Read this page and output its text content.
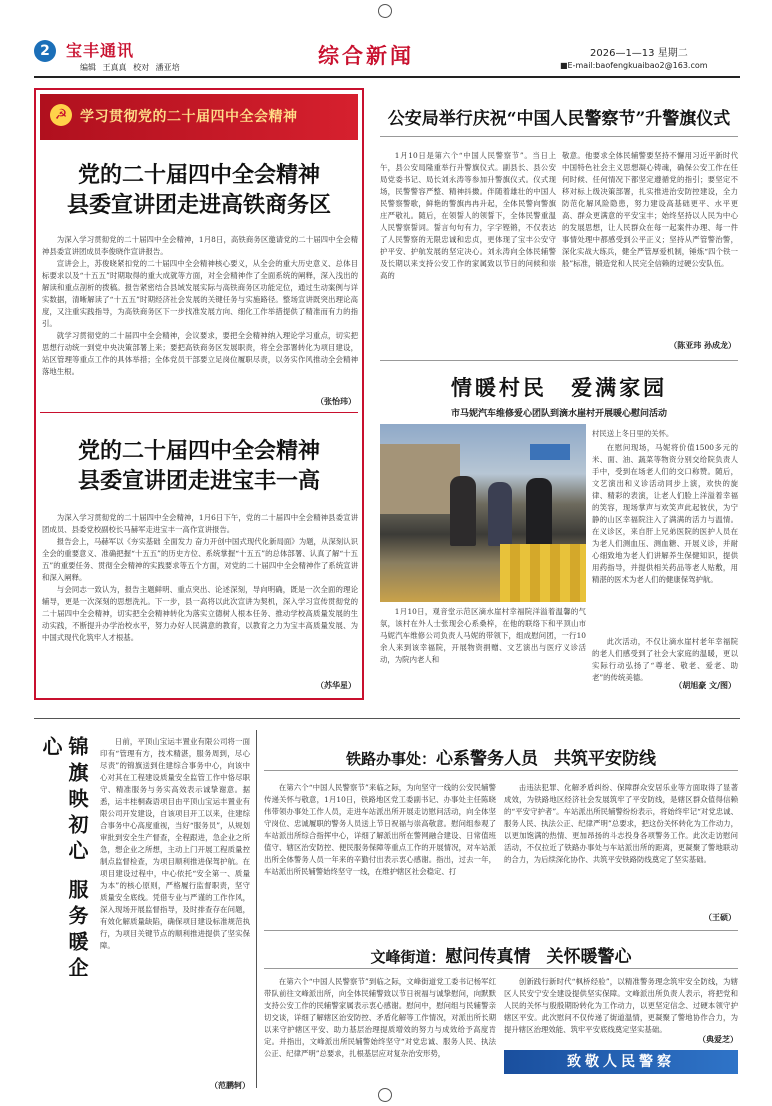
2	宝丰通讯
编辑 王真真 校对 潘亚培	综合新闻	2026—1—13 星期二
■E-mail:baofengkuaibao2@163.com
☭ 学习贯彻党的二十届四中全会精神
党的二十届四中全会精神
县委宣讲团走进高铁商务区

为深入学习贯彻党的二十届四中全会精神，1月8日，高铁商务区邀请党的二十届四中全会精神县委宣讲团成员李俊晓作宣讲报告。

宣讲会上，苏俊晓紧扣党的二十届四中全会精神核心要义，从全会的重大历史意义、总体目标要求以及“十五五”时期取得的重大成就等方面，对全会精神作了全面系统的阐释，深入浅出的解读和重点剖析的拨稿。报告紧密结合县域发展实际与高铁商务区功能定位，通过生动案例与详实数据，清晰解读了“十五五”时期经济社会发展的关键任务与实施路径。整场宣讲既突出理论高度，又注重实践指导，为高铁商务区下一步找准发展方向、细化工作举措提供了精准而有力的指引。

就学习贯彻党的二十届四中全会精神，会议要求，要把全会精神纳入理论学习重点，切实把思想行动统一到党中央决策部署上来；要把高铁商务区发展职责，将全会部署转化为项目建设，站区管理等重点工作的具体举措；全体党员干部要立足岗位履职尽责，以务实作风推动全会精神落地生根。

（张怡玮）
党的二十届四中全会精神
县委宣讲团走进宝丰一高

为深入学习贯彻党的二十届四中全会精神，1月6日下午，党的二十届四中全会精神县委宣讲团成员、县委党校副校长马赫军走进宝丰一高作宣讲报告。

报告会上，马赫军以《夯实基础 全面发力 奋力开创中国式现代化新局面》为题，从深刻认识全会的重要意义、准确把握“十五五”的历史方位、系统掌握“十五五”的总体部署、认真了解“十五五”的重要任务、贯彻全会精神的实践要求等五个方面，对党的二十届四中全会精神作了系统宣讲和深入阐释。

与会同志一致认为，报告主题鲜明、重点突出、论述深刻，导向明确，既是一次全面的理论辅导，更是一次深刻的思想洗礼。下一步，县一高将以此次宣讲为契机，深入学习宣传贯彻党的二十届四中全会精神，切实把全会精神转化为落实立德树人根本任务、推动学校高质量发展的生动实践，不断提升办学治校水平，努力办好人民满意的教育，以教育之力为宝丰高质量发展、为中国式现代化筑牢人才根基。

（苏华星）
公安局举行庆祝“中国人民警察节”升警旗仪式
1月10日是第六个“中国人民警察节”。当日上午，县公安局隆重举行升警旗仪式。副县长、县公安局党委书记、局长刘永涛等参加升警旗仪式。仪式现场，民警警容严整、精神抖擞。伴随着雄壮的中国人民警察警歌，鲜艳的警旗冉冉升起，全体民警向警旗庄严敬礼。随后，在领誓人的领誓下，全体民警重温人民警察誓词。誓言句句有力，字字铿锵，不仅表达了人民警察的无限忠诚和忠贞，更体现了宝丰公安守护平安、护航发展的坚定决心。刘永涛向全体民辅警及长期以来支持公安工作的家属致以节日的问候和崇高的
敬意。他要求全体民辅警要坚持不懈用习近平新时代中国特色社会主义思想凝心铸魂，确保公安工作在任何时候、任何情况下都坚定遵循党的指引；要坚定不移对标上级决策部署，扎实推进治安防控建设，全力防范化解风险隐患，努力建设高基础更平、水平更高、群众更满意的平安宝丰；始终坚持以人民为中心的发展思想，让人民群众在每一起案件办理、每一件事情处理中都感受到公平正义；坚持从严管警治警，深化实战大练兵，健全严管厚爱机制，锤炼“四个铁一般”标准，锻造党和人民完全信赖的过硬公安队伍。
（陈亚玮 孙成龙）
情暖村民 爱满家园
市马妮汽车维修爱心团队到滴水崖村开展暖心慰问活动
村民送上冬日里的关怀。
在慰问现场，马妮将价值1500多元的米、面、油、蔬菜等物资分别交给院负责人手中，受到在场老人们的交口称赞。随后，文艺演出和义诊活动同步上演，欢快的旋律、精彩的表演，让老人们脸上洋溢着幸福的笑容，现场掌声与欢笑声此起彼伏，为宁静的山区幸福院注入了满满的活力与温情。在义诊区，来自肝上兄弟医院的医护人员在为老人们测血压、测血糖、开展义诊，并耐心细致地为老人们讲解养生保健知识，提供用药指导，并提供相关药品等老人贴敷，用精湛的医术为老人们的健康保驾护航。
1月10日，观音堂示范区滴水崖村幸福院洋溢着温馨的气氛，该村在外人士张现会心系桑梓，在他的联络下和平顶山市马妮汽车维修公司负责人马妮的带领下，组成慰问团，一行10余人来到该幸福院，开展物资捐赠、文艺演出与医疗义诊活动，为院内老人和
此次活动，不仅让滴水崖村老年幸福院的老人们感受到了社会大家庭的温暖，更以实际行动弘扬了“尊老、敬老、爱老、助老”的传统美德。
（胡旭豪 文/图）
锦旗映初心 服务暖企心	日前，平顶山宝运丰置业有限公司将一面印有“管理有方，技术精湛，服务周到，尽心尽责”的锦旗送到住建综合事务中心，向该中心对其在工程建设质量安全监管工作中恪尽职守、精准服务与务实高效表示诚挚谢意。据悉，运丰桂桐森语项目由平顶山宝运丰置业有限公司开发建设，自该项目开工以来，住建综合事务中心高度重视，当好“服务员”，从规划审批到安全生产督查，全程跟进，急企业之所急，想企业之所想，主动上门开展工程质量控制点监督检查，为项目顺利推进保驾护航。在项目建设过程中，中心依托“安全第一、质量为本”的核心原则，严格履行监督职责，坚守质量安全底线。凭借专业与严谨的工作作风，深入现场开展监督指导，及时排查存在问题，有效化解质量缺陷，确保项目建设标准规范执行，为项目关键节点的顺利推进提供了坚实保障。
（范鹏轲）
铁路办事处：心系警务人员 共筑平安防线
在第六个“中国人民警察节”来临之际，为向坚守一线的公安民辅警传递关怀与敬意，1月10日，铁路地区党工委副书记、办事处主任陈晓伟带领办事处工作人员，走进车站派出所开展走访慰问活动，向全体坚守岗位、忠诚履职的警务人员送上节日祝福与崇高敬意。慰问组参观了车站派出所综合指挥中心，详细了解派出所在警网融合建设、日常值班值守、辖区治安防控、便民服务保障等重点工作的开展情况，对车站派出所全体警务人员一年来的辛勤付出表示衷心感谢。指出，过去一年，车站派出所民辅警始终坚守一线，在维护辖区社会稳定、打
击违法犯罪、化解矛盾纠纷、保障群众安居乐业等方面取得了显著成效，为铁路地区经济社会发展筑牢了平安防线，是辖区群众值得信赖的“平安守护者”。车站派出所民辅警纷纷表示，将始终牢记“对党忠诚、服务人民、执法公正、纪律严明”总要求，把这份关怀转化为工作动力，以更加饱满的热情、更加昂扬的斗志投身各项警务工作。此次走访慰问活动，不仅拉近了铁路办事处与车站派出所的距离，更凝聚了警地联动的合力，为后续深化协作、共筑平安铁路防线奠定了坚实基础。
（王硕）
文峰街道：慰问传真情 关怀暖警心
在第六个“中国人民警察节”到临之际，文峰街道党工委书记杨军红带队前往文峰派出所，向全体民辅警致以节日祝福与诚挚慰问，向默默支持公安工作的民辅警家属表示衷心感谢。慰问中，慰问组与民辅警亲切交谈，详细了解辖区治安防控、矛盾化解等工作情况，对派出所长期以来守护辖区平安、助力基层治理提质增效的努力与成效给予高度肯定。并指出，文峰派出所民辅警始终坚守“对党忠诚、服务人民、执法公正、纪律严明”总要求，扎根基层应对复杂治安形势，
创新践行新时代“枫桥经验”，以精准警务理念筑牢安全防线，为辖区人民安宁安全建设提供坚实保障。文峰派出所负责人表示，将把党和人民的关怀与殷殷期盼转化为工作动力，以更坚定信念、过硬本领守护辖区平安。此次慰问不仅传递了街道温情，更凝聚了警地协作合力，为提升辖区治理效能、筑牢平安底线奠定坚实基础。
（典爱芝）
致敬人民警察
